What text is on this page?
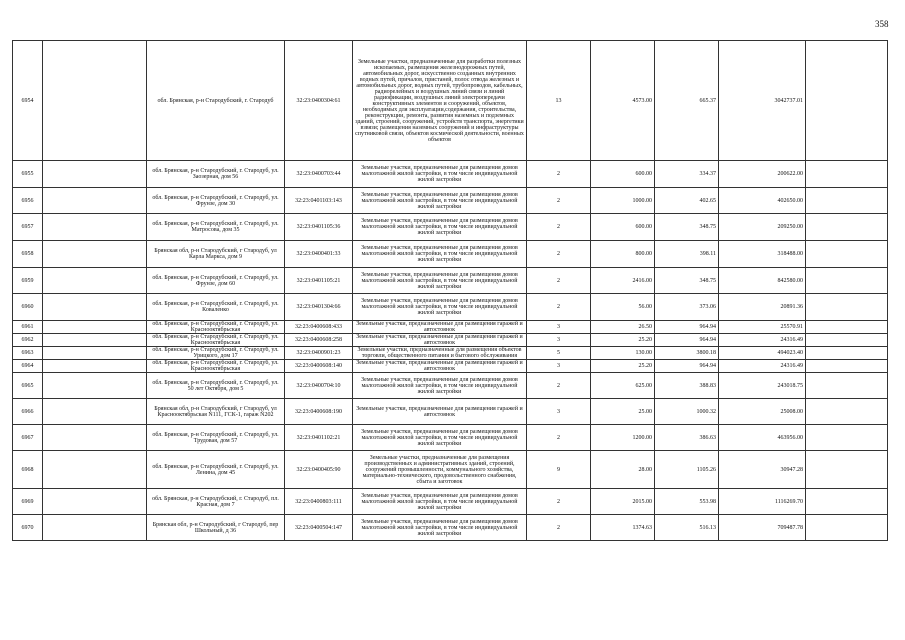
358
6954		обл. Брянская, р-н Стародубский, г. Стародуб	32:23:0400304:61	Земельные участки, предназначенные для разработки полезных ископаемых, размещения железнодорожных путей, автомобильных дорог, искусственно созданных внутренних водных путей, причалов, пристаней, полос отвода железных и автомобильных дорог, водных путей, трубопроводов, кабельных, радиорелейных и воздушных линий связи и линий радиофикации, воздушных линий электропередачи конструктивных элементов и сооружений, объектов, необходимых для эксплуатации,содержания, строительства, реконструкции, ремонта, развития наземных и подземных зданий, строений, сооружений, устройств транспорта, энергетики взвязи; размещения наземных сооружений и инфраструктуры спутниковой связи, объектов космической деятельности, военных объектов	13	4573.00	665.37	3042737.01	
6955		обл. Брянская, р-н Стародубский, г. Стародуб, ул. Заозерная, дом 56	32:23:0400703:44	Земельные участки, предназначенные для размещения домов малоэтажной жилой застройки, в том числе индивидуальной жилой застройки	2	600.00	334.37	200622.00	
6956		обл. Брянская, р-н Стародубский, г. Стародуб, ул. Фрунзе, дом 30	32:23:0401103:143	Земельные участки, предназначенные для размещения домов малоэтажной жилой застройки, в том числе индивидуальной жилой застройки	2	1000.00	402.65	402650.00	
6957		обл. Брянская, р-н Стародубский, г. Стародуб, ул. Матросова, дом 35	32:23:0401105:36	Земельные участки, предназначенные для размещения домов малоэтажной жилой застройки, в том числе индивидуальной жилой застройки	2	600.00	348.75	209250.00	
6958		Брянская обл, р-н Стародубский, г Стародуб, ул Карла Маркса, дом 9	32:23:0400401:33	Земельные участки, предназначенные для размещения домов малоэтажной жилой застройки, в том числе индивидуальной жилой застройки	2	800.00	398.11	318488.00	
6959		обл. Брянская, р-н Стародубский, г. Стародуб, ул. Фрунзе, дом 60	32:23:0401105:21	Земельные участки, предназначенные для размещения домов малоэтажной жилой застройки, в том числе индивидуальной жилой застройки	2	2416.00	348.75	842580.00	
6960		обл. Брянская, р-н Стародубский, г. Стародуб, ул. Коваленко	32:23:0401304:66	Земельные участки, предназначенные для размещения домов малоэтажной жилой застройки, в том числе индивидуальной жилой застройки	2	56.00	373.06	20891.36	
6961		обл. Брянская, р-н Стародубский, г. Стародуб, ул. Краснооктябрьская	32:23:0400608:433	Земельные участки, предназначенные для размещения гаражей и автостоянок	3	26.50	964.94	25570.91	
6962		обл. Брянская, р-н Стародубский, г. Стародуб, ул. Краснооктябрьская	32:23:0400608:258	Земельные участки, предназначенные для размещения гаражей и автостоянок	3	25.20	964.94	24316.49	
6963		обл. Брянская, р-н Стародубский, г. Стародуб, ул. Урицкого, дом 17	32:23:0400901:23	Земельные участки, предназначенные для размещения объектов торговли, общественного питания и бытового обслуживания	5	130.00	3800.18	494023.40	
6964		обл. Брянская, р-н Стародубский, г. Стародуб, ул. Краснооктябрьская	32:23:0400608:140	Земельные участки, предназначенные для размещения гаражей и автостоянок	3	25.20	964.94	24316.49	
6965		обл. Брянская, р-н Стародубский, г. Стародуб, ул. 50 лет Октября, дом 5	32:23:0400704:10	Земельные участки, предназначенные для размещения домов малоэтажной жилой застройки, в том числе индивидуальной жилой застройки	2	625.00	388.83	243018.75	
6966		Брянская обл, р-н Стародубский, г Стародуб, ул Краснооктябрьская N111, ГСК-1, гараж N202	32:23:0400608:190	Земельные участки, предназначенные для размещения гаражей и автостоянок	3	25.00	1000.32	25008.00	
6967		обл. Брянская, р-н Стародубский, г. Стародуб, ул. Трудовая, дом 57	32:23:0401102:21	Земельные участки, предназначенные для размещения домов малоэтажной жилой застройки, в том числе индивидуальной жилой застройки	2	1200.00	386.63	463956.00	
6968		обл. Брянская, р-н Стародубский, г. Стародуб, ул. Ленина, дом 45	32:23:0400405:90	Земельные участки, предназначенные для размещения производственных и административных зданий, строений, сооружений промышленности, коммунального хозяйства, материально-технического, продовольственного снабжения, сбыта и заготовок	9	28.00	1105.26	30947.28	
6969		обл. Брянская, р-н Стародубский, г. Стародуб, пл. Красная, дом 7	32:23:0400803:111	Земельные участки, предназначенные для размещения домов малоэтажной жилой застройки, в том числе индивидуальной жилой застройки	2	2015.00	553.98	1116269.70	
6970		Брянская обл, р-н Стародубский, г Стародуб, пер Школьный, д 36	32:23:0400504:147	Земельные участки, предназначенные для размещения домов малоэтажной жилой застройки, в том числе индивидуальной жилой застройки	2	1374.63	516.13	709487.78	
